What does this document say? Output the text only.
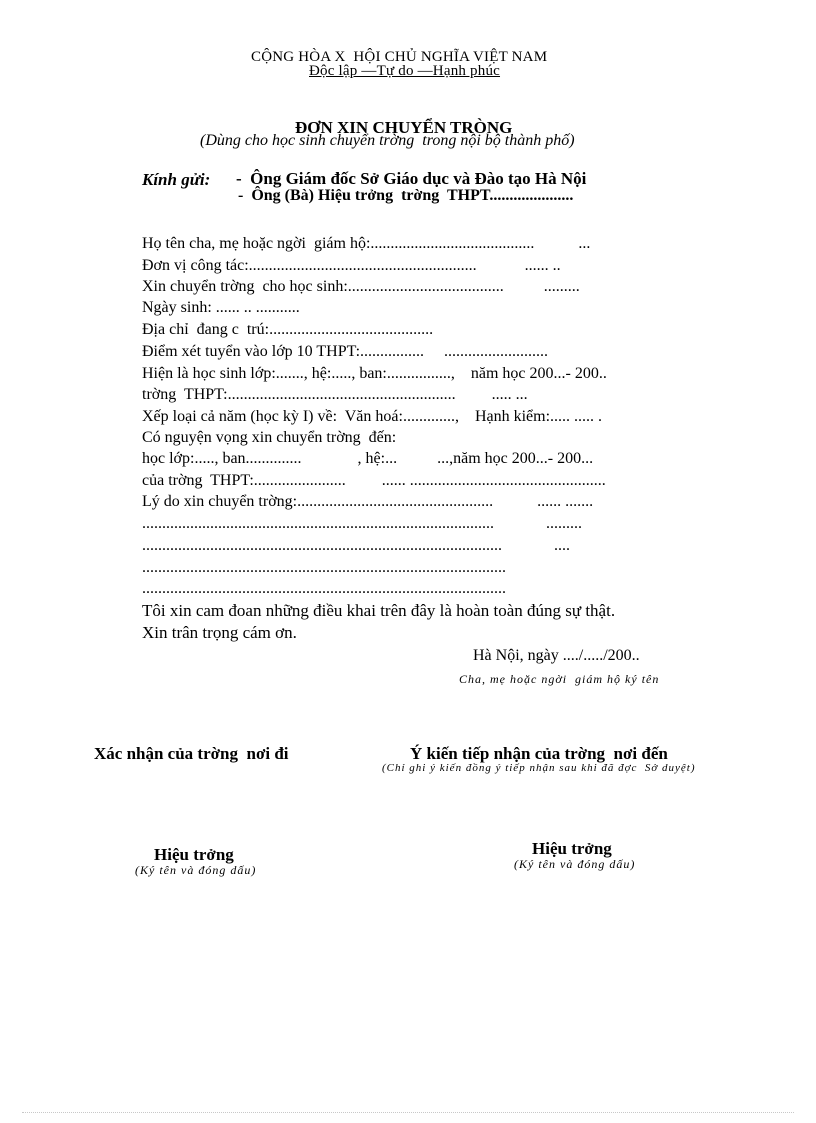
CỘNG HÒA X  HỘI CHỦ NGHĨA VIỆT NAM
Độc lập —Tự do —Hạnh phúc
ĐƠN XIN CHUYỂN TRÒNG
(Dùng cho học sinh chuyển trờng  trong nội bộ thành phố)
Kính gửi: -  Ông Giám đốc Sở Giáo dục và Đào tạo Hà Nội
-  Ông (Bà) Hiệu trởng  trờng  THPT.....................
Họ tên cha, mẹ hoặc ngời  giám hộ:.........................................           ...
Đơn vị công tác:.........................................................            ...... ..
Xin chuyển trờng  cho học sinh:.......................................          .........
Ngày sinh: ...... .. ...........
Địa chỉ  đang c  trú:.........................................
Điểm xét tuyển vào lớp 10 THPT:................     ..........................
Hiện là học sinh lớp:......., hệ:....., ban:................,    năm học 200...- 200..
trờng  THPT:.........................................................         ..... ...
Xếp loại cả năm (học kỳ I) về:  Văn hoá:.............,    Hạnh kiểm:..... ..... .
Có nguyện vọng xin chuyển trờng  đến:
học lớp:....., ban..............              , hệ:...          ...,năm học 200...- 200...
của trờng  THPT:.......................         ...... .................................................
Lý do xin chuyển trờng:.................................................           ...... .......
........................................................................................             .........
..........................................................................................             ....
...........................................................................................
...........................................................................................
Tôi xin cam đoan những điều khai trên đây là hoàn toàn đúng sự thật.
Xin trân trọng cám ơn.
Hà Nội, ngày ..../...../200..
Cha, mẹ hoặc ngời  giám hộ ký tên
Xác nhận của trờng  nơi đi	Ý kiến tiếp nhận của trờng  nơi đến
(Chỉ ghi ý kiến đồng ý tiếp nhận sau khi đã đợc  Sở duyệt)
Hiệu trởng
(Ký tên và đóng dấu)
Hiệu trởng
(Ký tên và đóng dấu)
